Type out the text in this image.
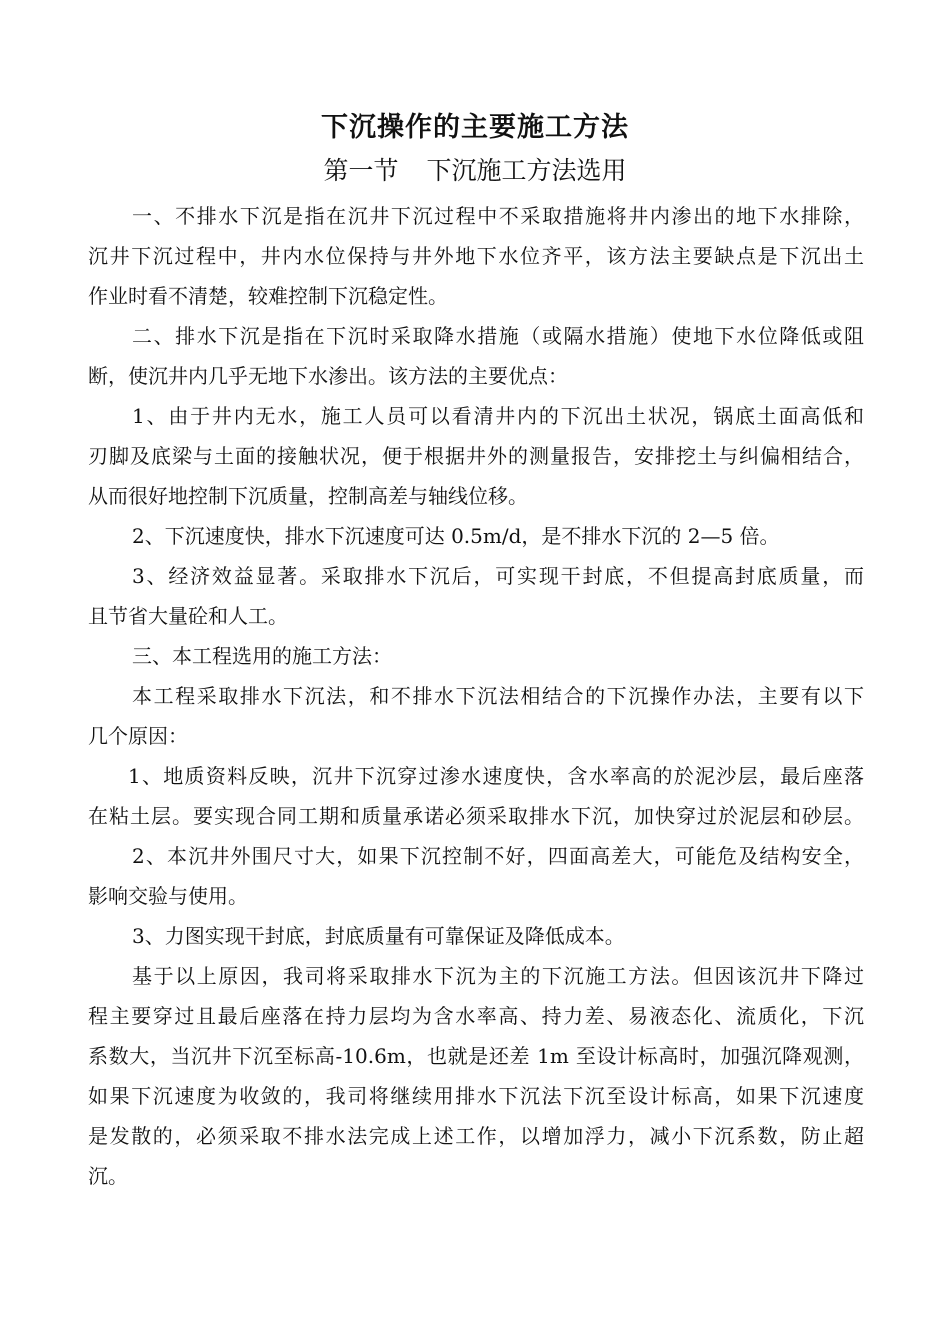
下沉操作的主要施工方法
第一节 下沉施工方法选用
一、不排水下沉是指在沉井下沉过程中不采取措施将井内渗出的地下水排除，
沉井下沉过程中，井内水位保持与井外地下水位齐平，该方法主要缺点是下沉出土
作业时看不清楚，较难控制下沉稳定性。
二、排水下沉是指在下沉时采取降水措施（或隔水措施）使地下水位降低或阻
断，使沉井内几乎无地下水渗出。该方法的主要优点：
1、由于井内无水，施工人员可以看清井内的下沉出土状况，锅底土面高低和
刃脚及底梁与土面的接触状况，便于根据井外的测量报告，安排挖土与纠偏相结合，
从而很好地控制下沉质量，控制高差与轴线位移。
2、下沉速度快，排水下沉速度可达 0.5m/d，是不排水下沉的 2—5 倍。
3、经济效益显著。采取排水下沉后，可实现干封底，不但提高封底质量，而
且节省大量砼和人工。
三、本工程选用的施工方法：
本工程采取排水下沉法，和不排水下沉法相结合的下沉操作办法，主要有以下
几个原因：
1、地质资料反映，沉井下沉穿过渗水速度快，含水率高的於泥沙层，最后座落
在粘土层。要实现合同工期和质量承诺必须采取排水下沉，加快穿过於泥层和砂层。
2、本沉井外围尺寸大，如果下沉控制不好，四面高差大，可能危及结构安全，
影响交验与使用。
3、力图实现干封底，封底质量有可靠保证及降低成本。
基于以上原因，我司将采取排水下沉为主的下沉施工方法。但因该沉井下降过
程主要穿过且最后座落在持力层均为含水率高、持力差、易液态化、流质化，下沉
系数大，当沉井下沉至标高-10.6m，也就是还差 1m 至设计标高时，加强沉降观测，
如果下沉速度为收敛的，我司将继续用排水下沉法下沉至设计标高，如果下沉速度
是发散的，必须采取不排水法完成上述工作，以增加浮力，减小下沉系数，防止超
沉。
